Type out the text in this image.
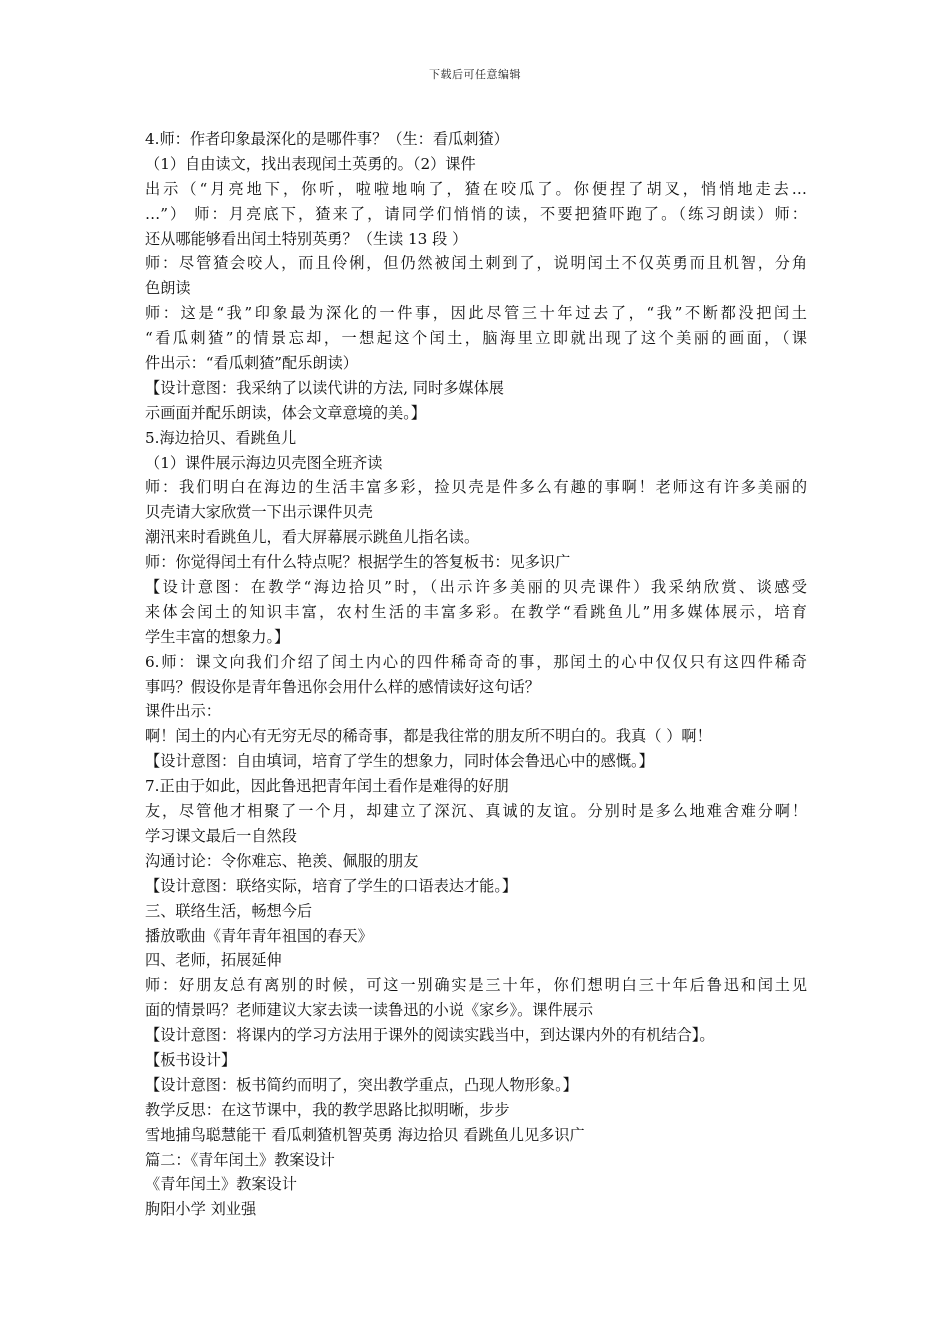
下载后可任意编辑
4.师：作者印象最深化的是哪件事？（生：看瓜刺猹）
（1）自由读文，找出表现闰土英勇的。（2）课件
出示（“月亮地下，你听，啦啦地响了，猹在咬瓜了。你便捏了胡叉，悄悄地走去…
…”） 师：月亮底下，猹来了，请同学们悄悄的读，不要把猹吓跑了。（练习朗读）师：
还从哪能够看出闰土特别英勇？（生读 13 段 ）
师：尽管猹会咬人，而且伶俐，但仍然被闰土刺到了，说明闰土不仅英勇而且机智，分角
色朗读
师：这是“我”印象最为深化的一件事，因此尽管三十年过去了，“我”不断都没把闰土
“看瓜刺猹”的情景忘却，一想起这个闰土，脑海里立即就出现了这个美丽的画面，（课
件出示：“看瓜刺猹”配乐朗读）
【设计意图：我采纳了以读代讲的方法, 同时多媒体展
示画面并配乐朗读，体会文章意境的美。】
5.海边拾贝、看跳鱼儿
（1）课件展示海边贝壳图全班齐读
师：我们明白在海边的生活丰富多彩，捡贝壳是件多么有趣的事啊！老师这有许多美丽的
贝壳请大家欣赏一下出示课件贝壳
潮汛来时看跳鱼儿，看大屏幕展示跳鱼儿指名读。
师：你觉得闰土有什么特点呢？根据学生的答复板书：见多识广
【设计意图：在教学“海边拾贝”时，（出示许多美丽的贝壳课件）我采纳欣赏、谈感受
来体会闰土的知识丰富，农村生活的丰富多彩。在教学“看跳鱼儿”用多媒体展示，培育
学生丰富的想象力。】
6.师：课文向我们介绍了闰土内心的四件稀奇奇的事，那闰土的心中仅仅只有这四件稀奇
事吗？假设你是青年鲁迅你会用什么样的感情读好这句话？
课件出示：
啊！闰土的内心有无穷无尽的稀奇事，都是我往常的朋友所不明白的。我真（ ）啊！
【设计意图：自由填词，培育了学生的想象力，同时体会鲁迅心中的感慨。】
7.正由于如此，因此鲁迅把青年闰土看作是难得的好朋
友，尽管他才相聚了一个月，却建立了深沉、真诚的友谊。分别时是多么地难舍难分啊！
学习课文最后一自然段
沟通讨论：令你难忘、艳羡、佩服的朋友
【设计意图：联络实际，培育了学生的口语表达才能。】
三、联络生活，畅想今后
播放歌曲《青年青年祖国的春天》
四、老师，拓展延伸
师：好朋友总有离别的时候，可这一别确实是三十年，你们想明白三十年后鲁迅和闰土见
面的情景吗？老师建议大家去读一读鲁迅的小说《家乡》。课件展示
【设计意图：将课内的学习方法用于课外的阅读实践当中，到达课内外的有机结合】。
【板书设计】
【设计意图：板书简约而明了，突出教学重点，凸现人物形象。】
教学反思：在这节课中，我的教学思路比拟明晰，步步
雪地捕鸟聪慧能干 看瓜刺猹机智英勇 海边拾贝 看跳鱼儿见多识广
篇二：《青年闰土》教案设计
《青年闰土》教案设计
朐阳小学 刘业强
